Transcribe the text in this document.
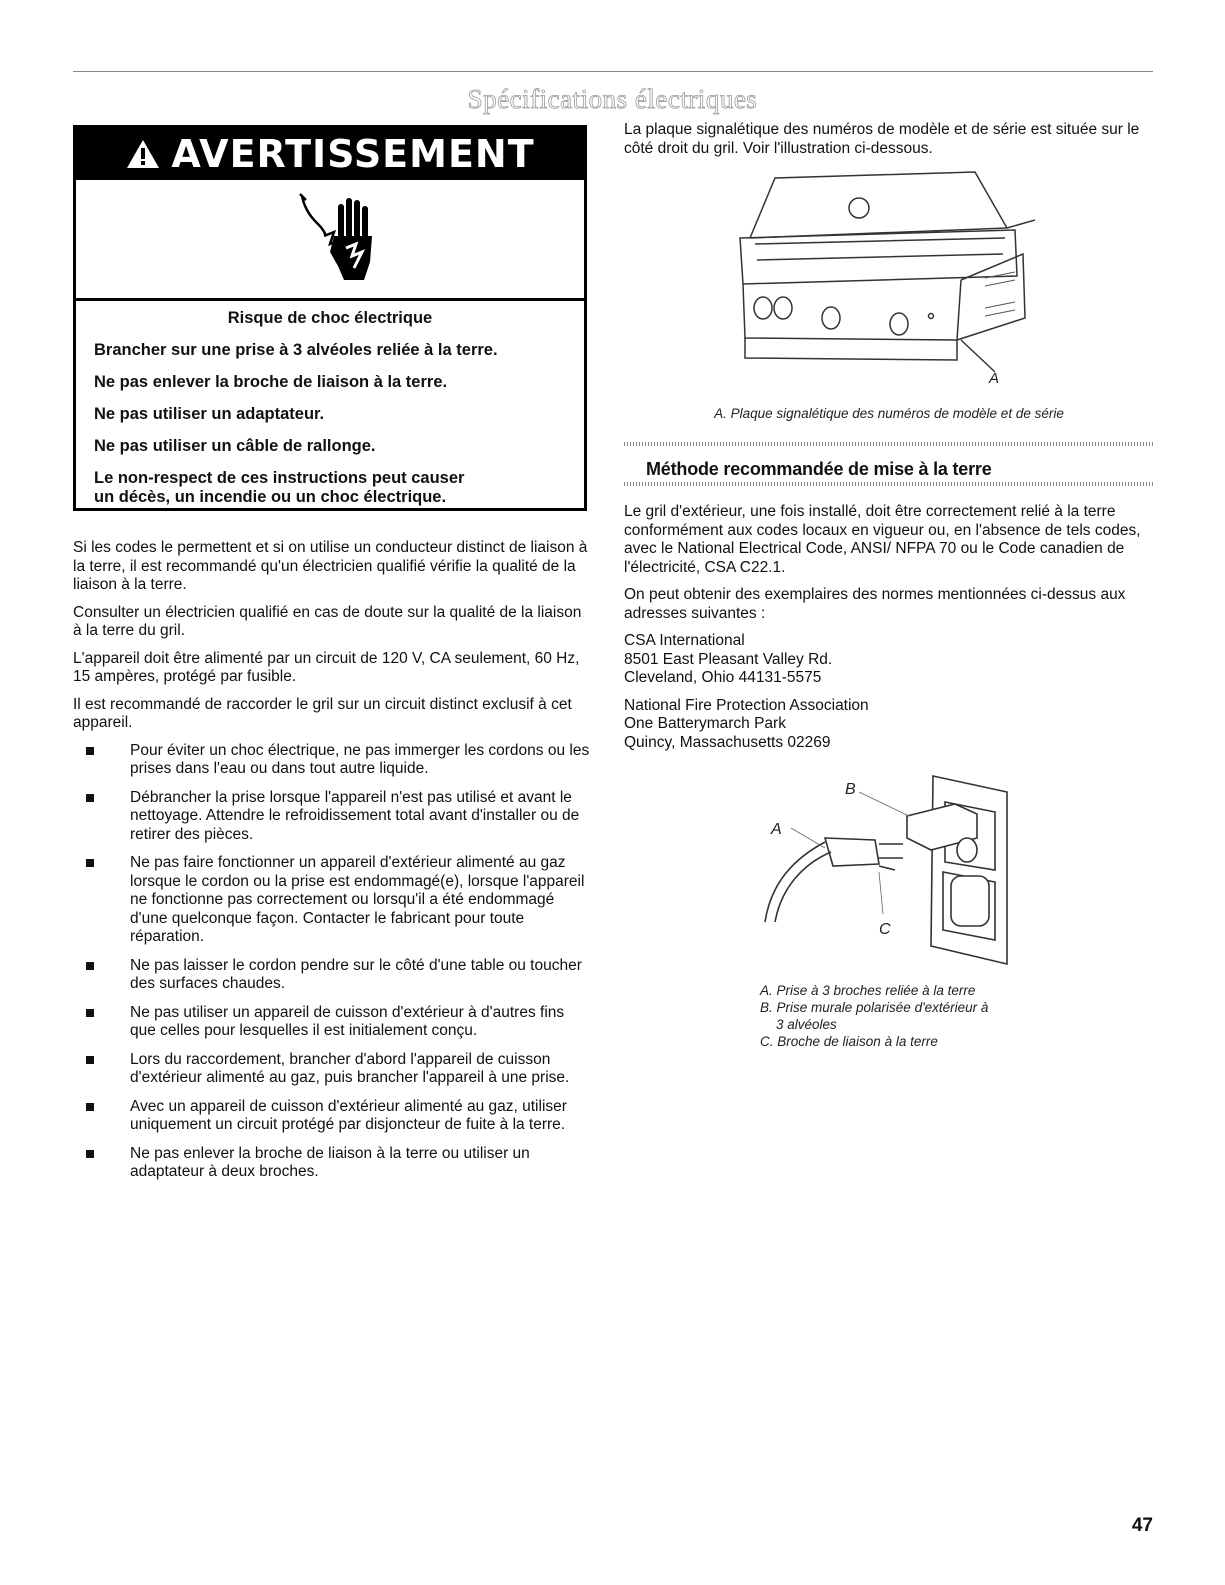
Spécifications électriques
AVERTISSEMENT
Risque de choc électrique

Brancher sur une prise à 3 alvéoles reliée à la terre.

Ne pas enlever la broche de liaison à la terre.

Ne pas utiliser un adaptateur.

Ne pas utiliser un câble de rallonge.

Le non-respect de ces instructions peut causer

un décès, un incendie ou un choc électrique.

Si les codes le permettent et si on utilise un conducteur distinct de liaison à la terre, il est recommandé qu'un électricien qualifié vérifie la qualité de la liaison à la terre.

Consulter un électricien qualifié en cas de doute sur la qualité de la liaison à la terre du gril.

L'appareil doit être alimenté par un circuit de 120 V, CA seulement, 60 Hz, 15 ampères, protégé par fusible.

Il est recommandé de raccorder le gril sur un circuit distinct exclusif à cet appareil.

Pour éviter un choc électrique, ne pas immerger les cordons ou les prises dans l'eau ou dans tout autre liquide.
Débrancher la prise lorsque l'appareil n'est pas utilisé et avant le nettoyage. Attendre le refroidissement total avant d'installer ou de retirer des pièces.
Ne pas faire fonctionner un appareil d'extérieur alimenté au gaz lorsque le cordon ou la prise est endommagé(e), lorsque l'appareil ne fonctionne pas correctement ou lorsqu'il a été endommagé d'une quelconque façon. Contacter le fabricant pour toute réparation.
Ne pas laisser le cordon pendre sur le côté d'une table ou toucher des surfaces chaudes.
Ne pas utiliser un appareil de cuisson d'extérieur à d'autres fins que celles pour lesquelles il est initialement conçu.
Lors du raccordement, brancher d'abord l'appareil de cuisson d'extérieur alimenté au gaz, puis brancher l'appareil à une prise.
Avec un appareil de cuisson d'extérieur alimenté au gaz, utiliser uniquement un circuit protégé par disjoncteur de fuite à la terre.
Ne pas enlever la broche de liaison à la terre ou utiliser un adaptateur à deux broches.
La plaque signalétique des numéros de modèle et de série est située sur le côté droit du gril. Voir l'illustration ci-dessous.
A
A. Plaque signalétique des numéros de modèle et de série
Méthode recommandée de mise à la terre

Le gril d'extérieur, une fois installé, doit être correctement relié à la terre conformément aux codes locaux en vigueur ou, en l'absence de tels codes, avec le National Electrical Code, ANSI/ NFPA 70 ou le Code canadien de l'électricité, CSA C22.1.

On peut obtenir des exemplaires des normes mentionnées ci-dessus aux adresses suivantes :

CSA International
8501 East Pleasant Valley Rd.
Cleveland, Ohio 44131-5575

National Fire Protection Association
One Batterymarch Park
Quincy, Massachusetts 02269

B
A
C
A. Prise à 3 broches reliée à la terre
B. Prise murale polarisée d'extérieur à
3 alvéoles
C. Broche de liaison à la terre
47
